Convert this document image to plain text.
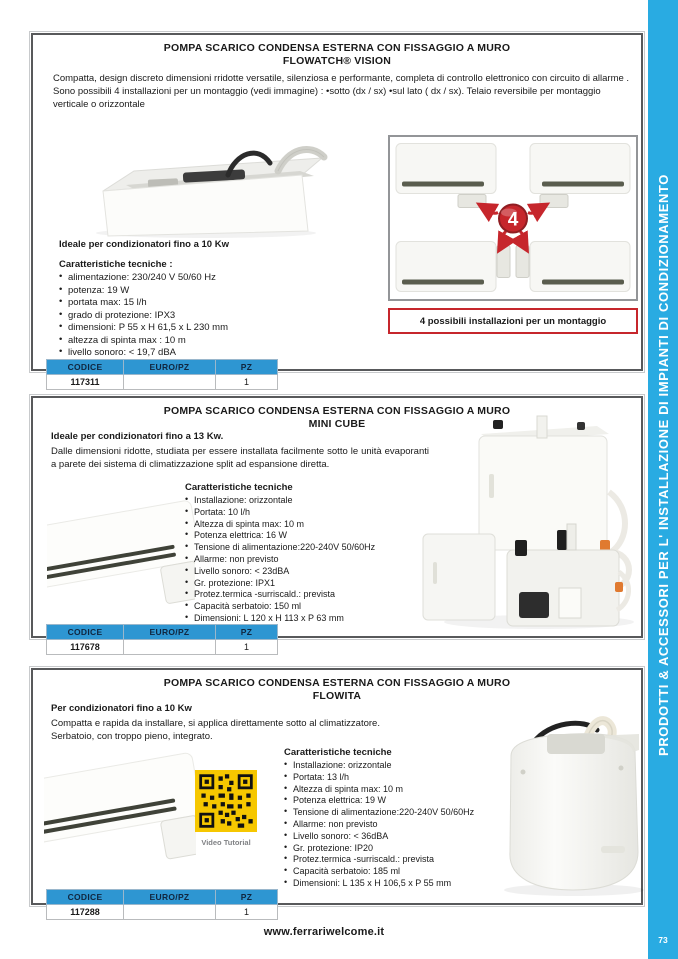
POMPA SCARICO CONDENSA ESTERNA CON FISSAGGIO A MURO
FLOWATCH® VISION

Compatta, design discreto dimensioni rridotte versatile, silenziosa e performante, completa di controllo elettronico con circuito di allarme .

Sono possibili 4 installazioni per un montaggio (vedi immagine) : •sotto (dx / sx) •sul lato ( dx / sx). Telaio reversibile per montaggio verticale o orizzontale

Ideale per condizionatori fino a 10 Kw
Caratteristiche tecniche :
• alimentazione: 230/240 V 50/60 Hz
• potenza: 19 W
• portata max: 15 l/h
• grado di protezione: IPX3
• dimensioni: P 55 x H 61,5 x L 230 mm
• altezza di spinta max : 10 m
• livello sonoro: < 19,7 dBA
4
4 possibili installazioni per un montaggio
CODICE	EURO/PZ	PZ
117311		1
POMPA SCARICO CONDENSA ESTERNA CON FISSAGGIO A MURO
MINI CUBE
Ideale per condizionatori fino a 13 Kw.

Dalle dimensioni ridotte, studiata per essere installata facilmente sotto le unità evaporanti a parete dei sistema di climatizzazione split ad espansione diretta.

Caratteristiche tecniche
• Installazione: orizzontale
• Portata: 10 l/h
• Altezza di spinta max: 10 m
• Potenza elettrica: 16 W
• Tensione di alimentazione:220-240V 50/60Hz
• Allarme: non previsto
• Livello sonoro: < 23dBA
• Gr. protezione: IPX1
• Protez.termica -surriscald.: prevista
• Capacità serbatoio: 150 ml
• Dimensioni: L 120 x H 113 x P 63 mm
CODICE	EURO/PZ	PZ
117678		1
POMPA SCARICO CONDENSA ESTERNA CON FISSAGGIO A MURO
FLOWITA
Per condizionatori fino a 10 Kw

Compatta e rapida da installare, si applica direttamente sotto al climatizzatore.

Serbatoio, con troppo pieno, integrato.

Video Tutorial
Caratteristiche tecniche
• Installazione: orizzontale
• Portata: 13 l/h
• Altezza di spinta max: 10 m
• Potenza elettrica: 19 W
• Tensione di alimentazione:220-240V 50/60Hz
• Allarme: non previsto
• Livello sonoro: < 36dBA
• Gr. protezione: IP20
• Protez.termica -surriscald.: prevista
• Capacità serbatoio: 185 ml
• Dimensioni: L 135 x H 106,5 x P 55 mm
CODICE	EURO/PZ	PZ
117288		1
www.ferrariwelcome.it
PRODOTTI & ACCESSORI PER L' INSTALLAZIONE DI IMPIANTI DI CONDIZIONAMENTO
73
